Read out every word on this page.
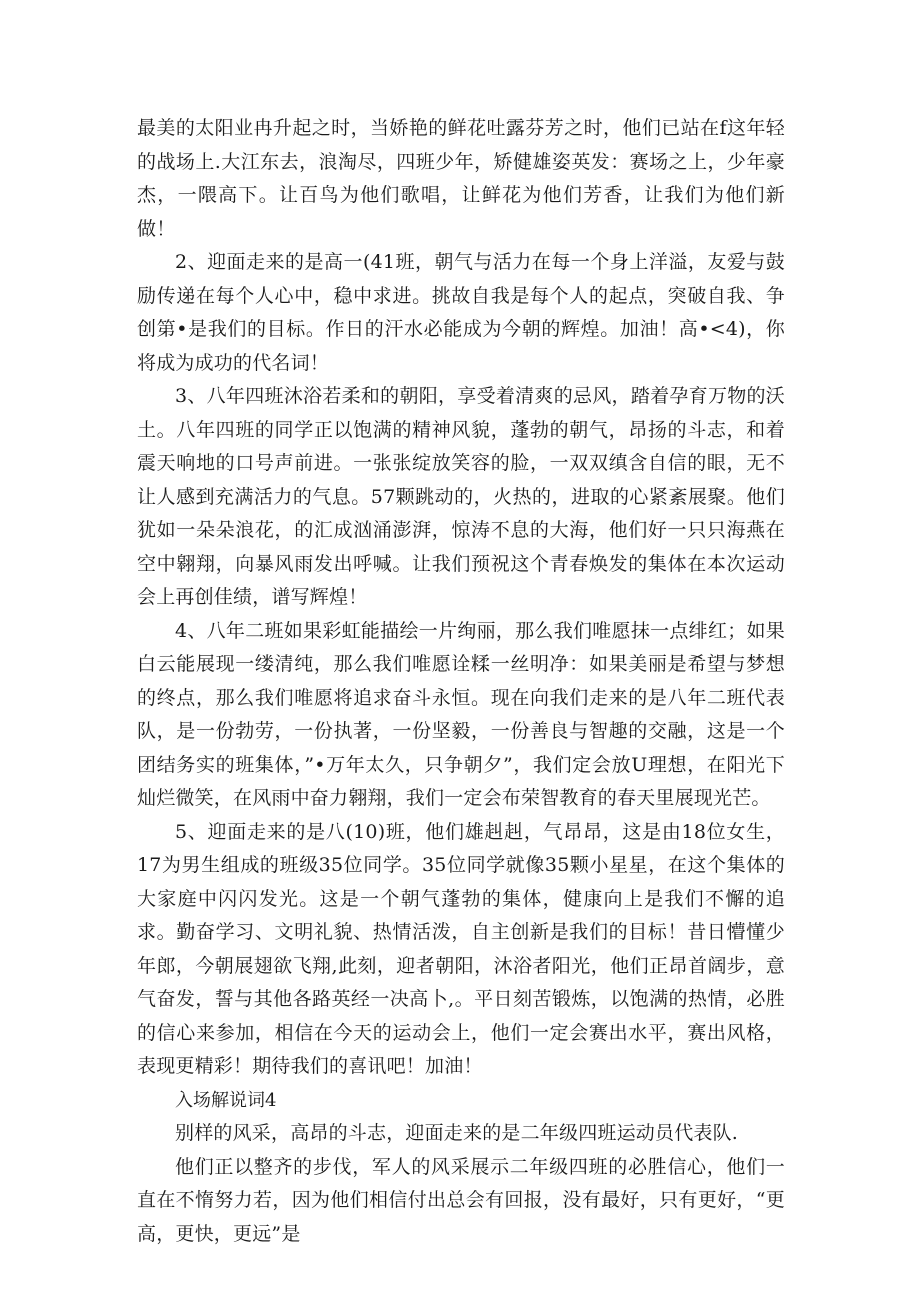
最美的太阳业冉升起之时，当娇艳的鲜花吐露芬芳之时，他们已站在f这年轻的战场上.大江东去，浪淘尽，四班少年，矫健雄姿英发：赛场之上，少年豪杰，一隈高下。让百鸟为他们歌唱，让鲜花为他们芳香，让我们为他们新做！

2、迎面走来的是高一(41班，朝气与活力在每一个身上洋溢，友爱与鼓励传递在每个人心中，稳中求进。挑故自我是每个人的起点，突破自我、争创第•是我们的目标。作日的汗水必能成为今朝的辉煌。加油！高•<4)，你将成为成功的代名词！

3、八年四班沐浴若柔和的朝阳，享受着清爽的忌风，踏着孕育万物的沃土。八年四班的同学正以饱满的精神风貌，蓬勃的朝气，昂扬的斗志，和着震天响地的口号声前进。一张张绽放笑容的脸，一双双缜含自信的眼，无不让人感到充满活力的气息。57颗跳动的，火热的，进取的心紧紊展聚。他们犹如一朵朵浪花，的汇成汹涌澎湃，惊涛不息的大海，他们好一只只海燕在空中翱翔，向暴风雨发出呼喊。让我们预祝这个青春焕发的集体在本次运动会上再创佳绩，谱写辉煌！

4、八年二班如果彩虹能描绘一片绚丽，那么我们唯愿抹一点绯红；如果白云能展现一缕清纯，那么我们唯愿诠糅一丝明净：如果美丽是希望与梦想的终点，那么我们唯愿将追求奋斗永恒。现在向我们走来的是八年二班代表队，是一份勃劳，一份执著，一份坚毅，一份善良与智趣的交融，这是一个团结务实的班集体，”•万年太久，只争朝夕”，我们定会放U理想，在阳光下灿烂微笑，在风雨中奋力翱翔，我们一定会布荣智教育的春天里展现光芒。

5、迎面走来的是八(10)班，他们雄赳赳，气昂昂，这是由18位女生，17为男生组成的班级35位同学。35位同学就像35颗小星星，在这个集体的大家庭中闪闪发光。这是一个朝气蓬勃的集体，健康向上是我们不懈的追求。勤奋学习、文明礼貌、热情活泼，自主创新是我们的目标！昔日懵懂少年郎，今朝展翅欲飞翔,此刻，迎者朝阳，沐浴者阳光，他们正昂首阔步，意气奋发，誓与其他各路英经一决高卜,。平日刻苦锻炼，以饱满的热情，必胜的信心来参加，相信在今天的运动会上，他们一定会赛出水平，赛出风格，表现更精彩！期待我们的喜讯吧！加油！

入场解说词4

别样的风采，高昂的斗志，迎面走来的是二年级四班运动员代表队.

他们正以整齐的步伐，军人的风采展示二年级四班的必胜信心，他们一直在不惰努力若，因为他们相信付出总会有回报，没有最好，只有更好，“更高，更快，更远”是
